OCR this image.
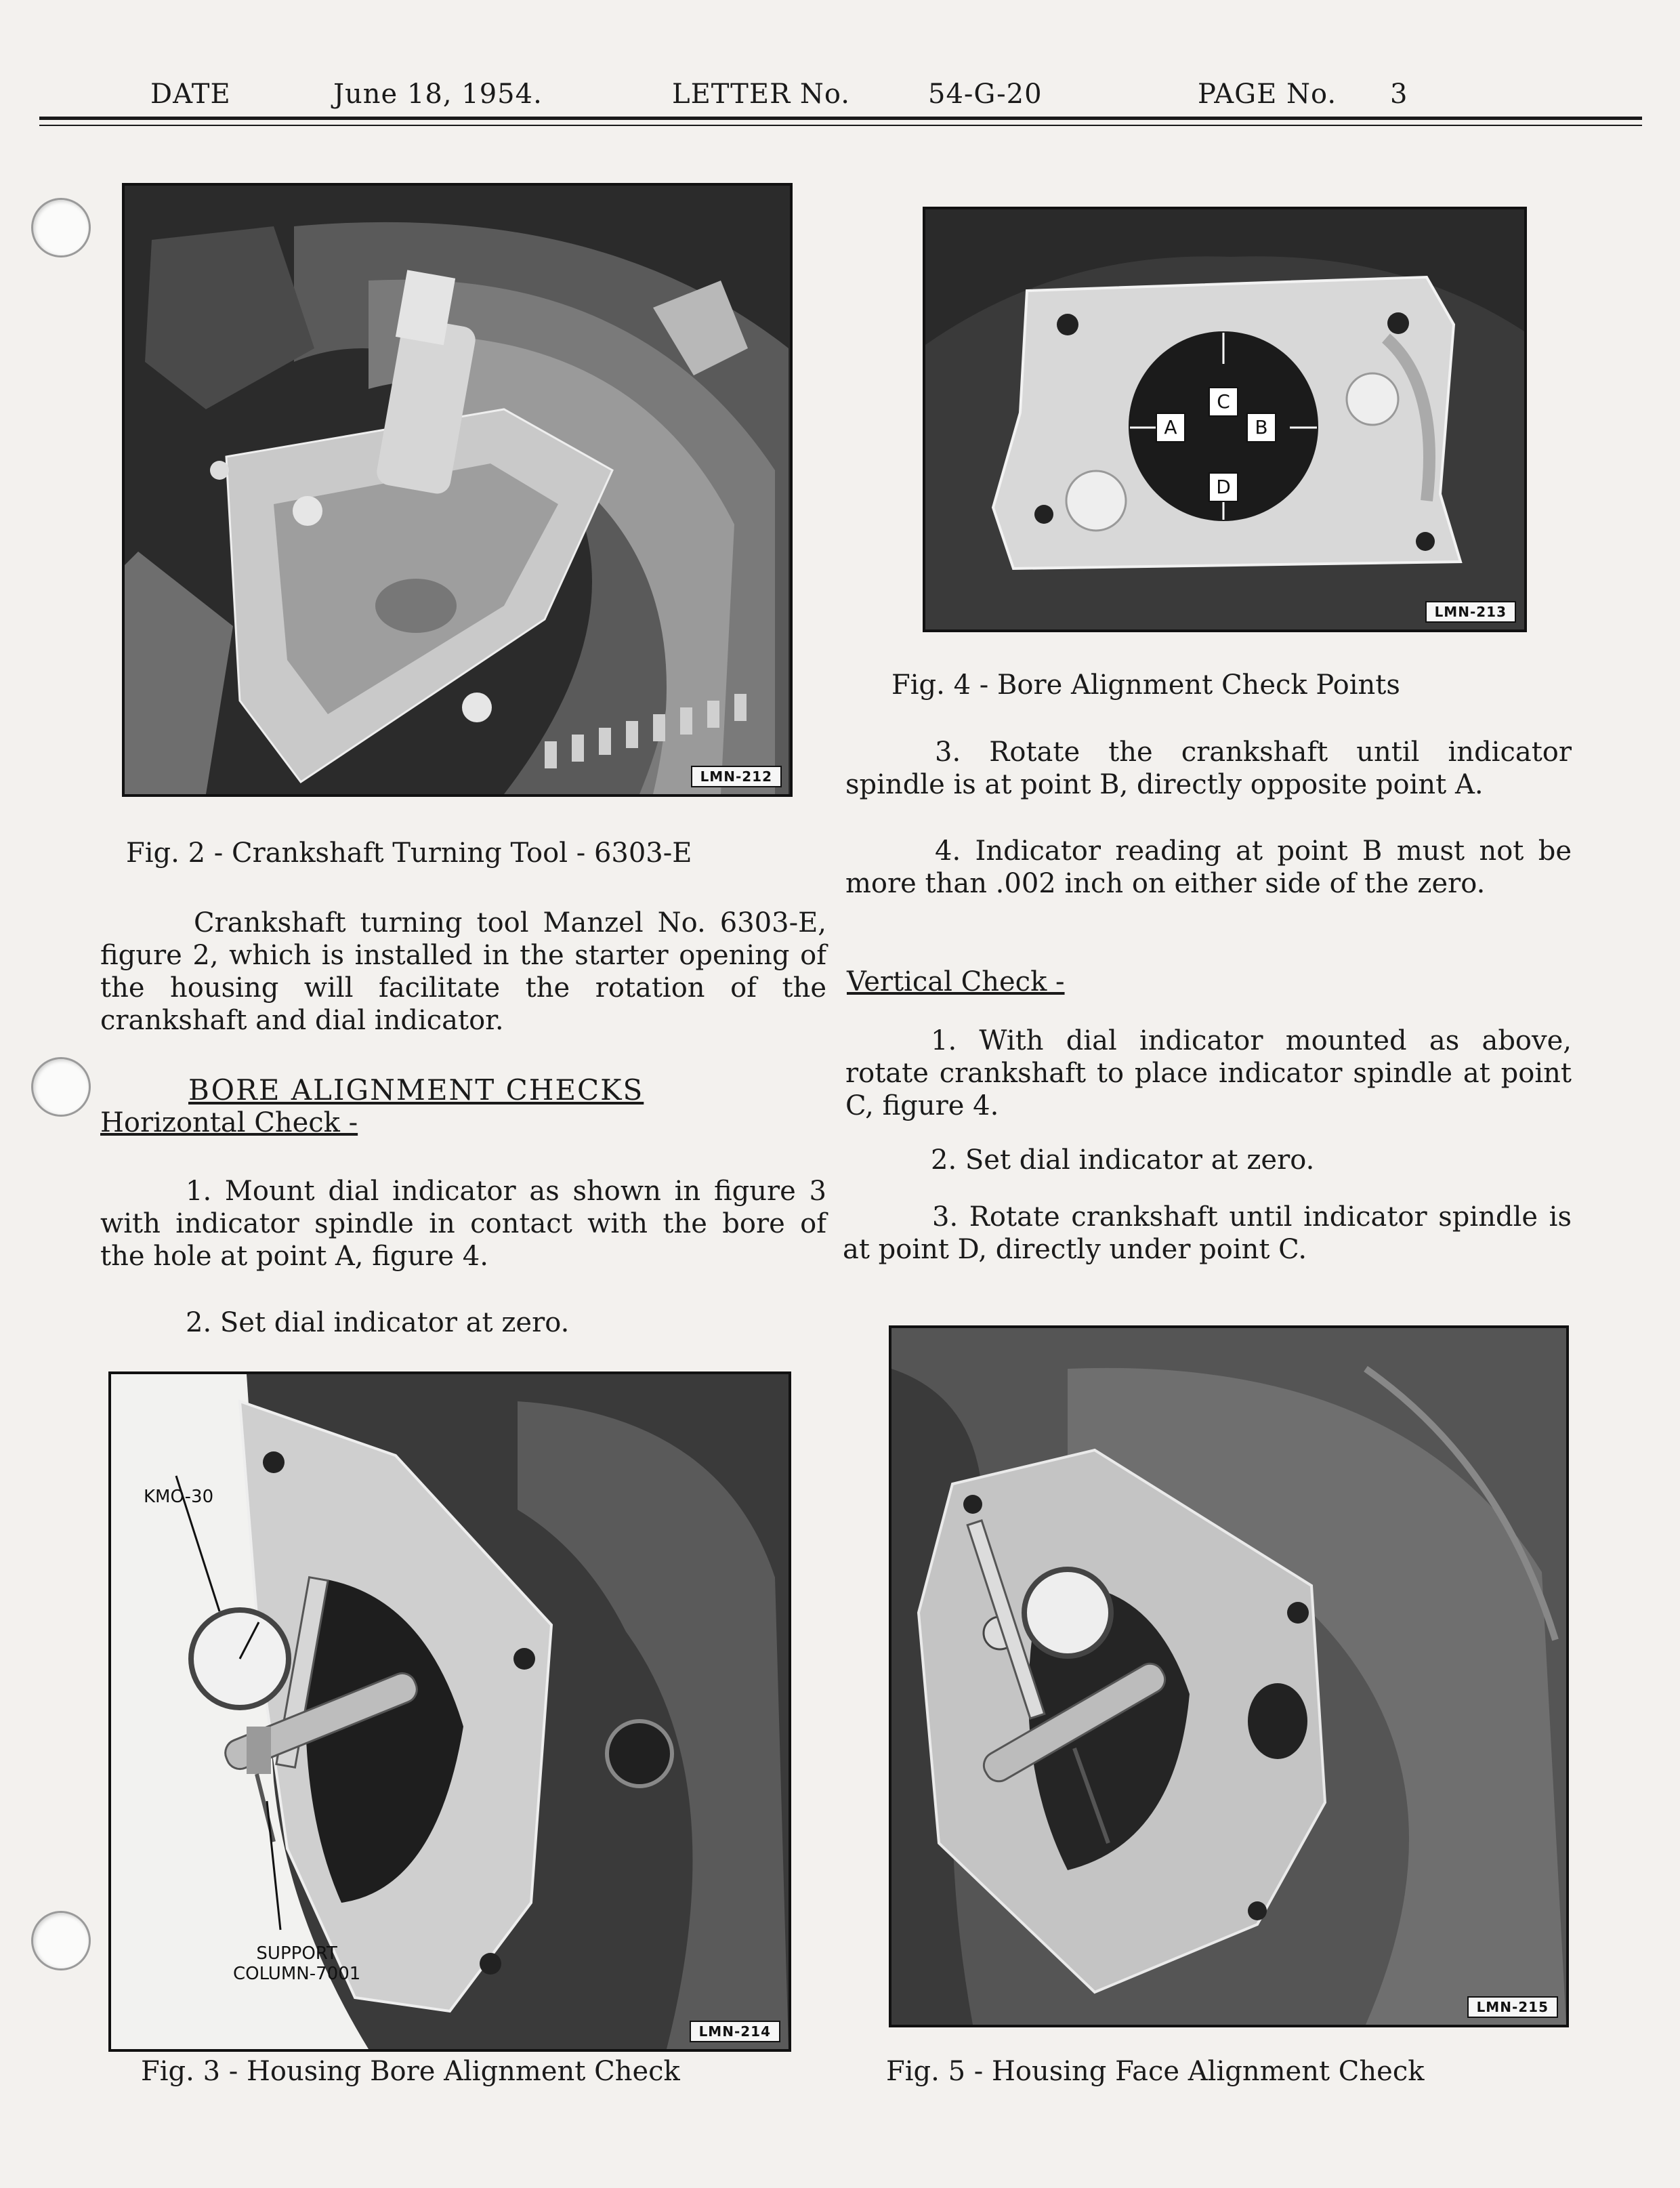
DATE	June 18, 1954.	LETTER No.	54-G-20	PAGE No. 3
LMN-212
Fig. 2 - Crankshaft Turning Tool - 6303-E
C
A	B
D
LMN-213
Fig. 4 - Bore Alignment Check Points

3. Rotate the crankshaft until indicator spindle is at point B, directly opposite point A.

4. Indicator reading at point B must not be more than .002 inch on either side of the zero.

Vertical Check -

1. With dial indicator mounted as above, rotate crankshaft to place indicator spindle at point C, figure 4.

2. Set dial indicator at zero.

3. Rotate crankshaft until indicator spindle is at point D, directly under point C.

Crankshaft turning tool Manzel No. 6303-E, figure 2, which is installed in the starter opening of the housing will facilitate the rotation of the crankshaft and dial indicator.

BORE ALIGNMENT CHECKS
Horizontal Check -

1. Mount dial indicator as shown in figure 3 with indicator spindle in contact with the bore of the hole at point A, figure 4.

2. Set dial indicator at zero.

KMO-30
SUPPORT
COLUMN-7001
LMN-214
Fig. 3 - Housing Bore Alignment Check
LMN-215
Fig. 5 - Housing Face Alignment Check
